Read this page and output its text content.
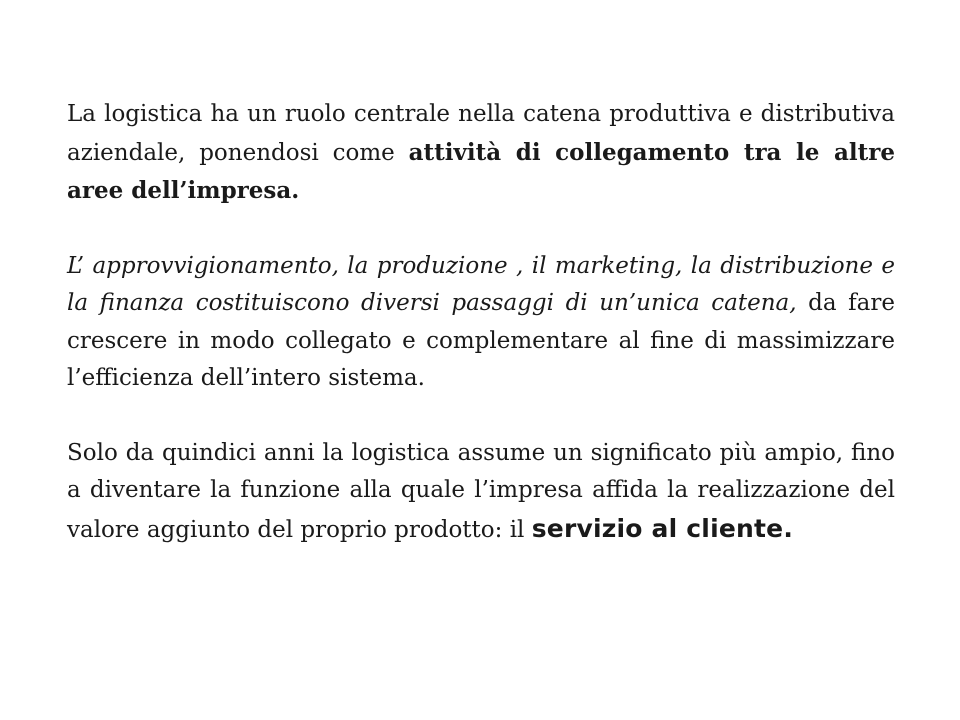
La logistica ha un ruolo centrale nella catena produttiva e distributiva aziendale, ponendosi come attività di collegamento tra le altre aree dell’impresa.

L’ approvvigionamento, la produzione , il marketing, la distribuzione e la finanza costituiscono diversi passaggi di un’unica catena, da fare crescere in modo collegato e complementare al fine di massimizzare l’efficienza dell’intero sistema.

Solo da quindici anni la logistica assume un significato più ampio, fino a diventare la funzione alla quale l’impresa affida la realizzazione del valore aggiunto del proprio prodotto: il servizio al cliente.
